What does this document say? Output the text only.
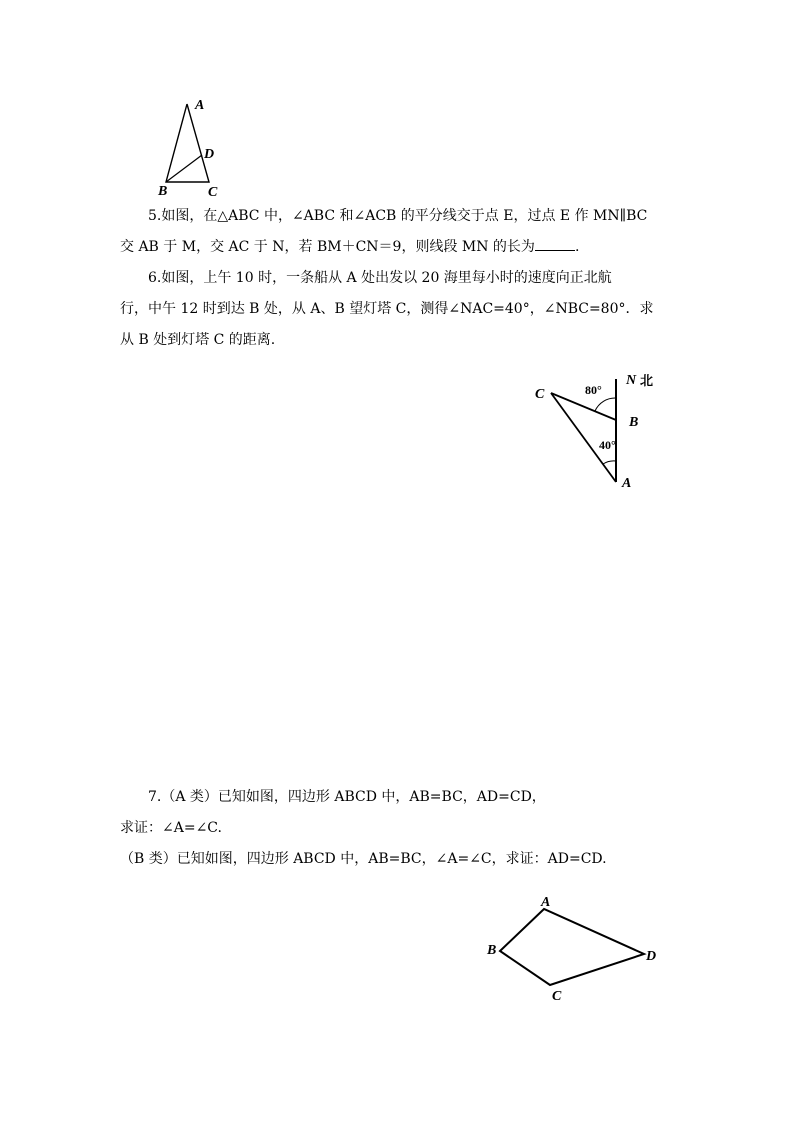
A
D
B	C
5.如图，在△ABC 中，∠ABC 和∠ACB 的平分线交于点 E，过点 E 作 MN∥BC
交 AB 于 M，交 AC 于 N，若 BM＋CN＝9，则线段 MN 的长为	.
6.如图，上午 10 时，一条船从 A 处出发以 20 海里每小时的速度向正北航
行，中午 12 时到达 B 处，从 A、B 望灯塔 C，测得∠NAC=40°，∠NBC=80°．求
从 B 处到灯塔 C 的距离.
C
N 北
80°
B
40°
A
7.（A 类）已知如图，四边形 ABCD 中，AB=BC，AD=CD，
求证：∠A=∠C.
（B 类）已知如图，四边形 ABCD 中，AB=BC，∠A=∠C，求证：AD=CD.
A
B	D
C
